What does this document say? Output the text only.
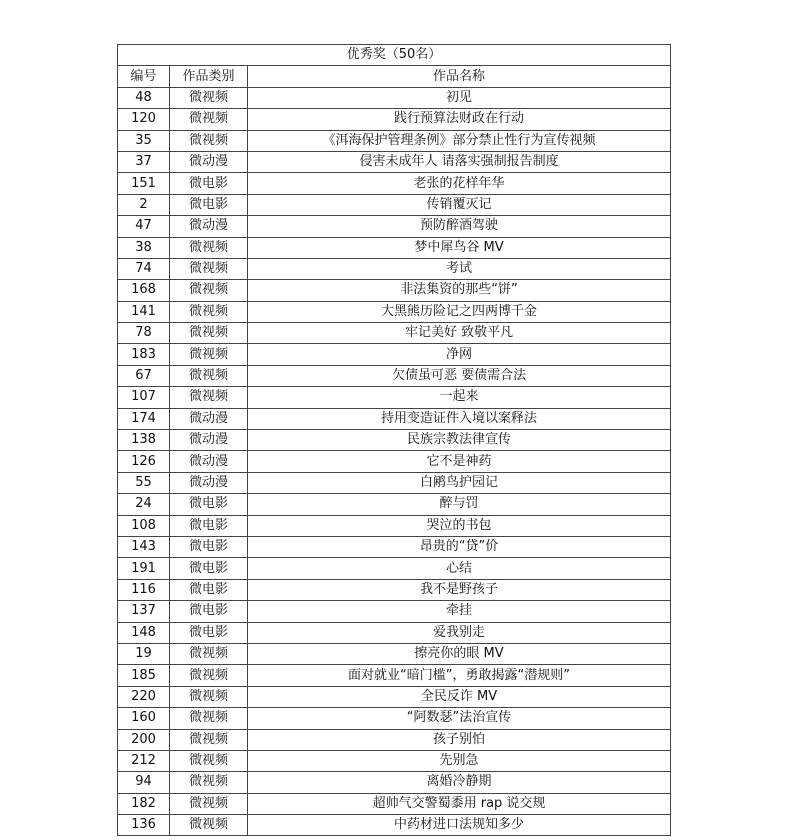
优秀奖（50名）		
编号	作品类别	作品名称
48	微视频	初见
120	微视频	践行预算法财政在行动
35	微视频	《洱海保护管理条例》部分禁止性行为宣传视频
37	微动漫	侵害未成年人 请落实强制报告制度
151	微电影	老张的花样年华
2	微电影	传销覆灭记
47	微动漫	预防醉酒驾驶
38	微视频	梦中犀鸟谷 MV
74	微视频	考试
168	微视频	非法集资的那些“饼”
141	微视频	大黑熊历险记之四两博千金
78	微视频	牢记美好 致敬平凡
183	微视频	净网
67	微视频	欠债虽可恶 要债需合法
107	微视频	一起来
174	微动漫	持用变造证件入境以案释法
138	微动漫	民族宗教法律宣传
126	微动漫	它不是神药
55	微动漫	白鹇鸟护园记
24	微电影	醉与罚
108	微电影	哭泣的书包
143	微电影	昂贵的“贷”价
191	微电影	心结
116	微电影	我不是野孩子
137	微电影	牵挂
148	微电影	爱我别走
19	微视频	擦亮你的眼 MV
185	微视频	面对就业“暗门槛”，勇敢揭露“潜规则”
220	微视频	全民反诈 MV
160	微视频	“阿数瑟”法治宣传
200	微视频	孩子别怕
212	微视频	先别急
94	微视频	离婚冷静期
182	微视频	超帅气交警蜀黍用 rap 说交规
136	微视频	中药材进口法规知多少
